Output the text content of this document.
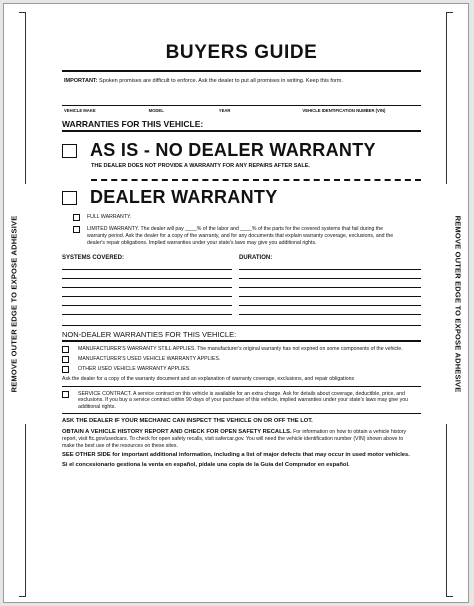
REMOVE OUTER EDGE TO EXPOSE ADHESIVE	REMOVE OUTER EDGE TO EXPOSE ADHESIVE
BUYERS GUIDE
IMPORTANT: Spoken promises are difficult to enforce. Ask the dealer to put all promises in writing. Keep this form.
VEHICLE MAKE	MODEL	YEAR	VEHICLE IDENTIFICATION NUMBER (VIN)
WARRANTIES FOR THIS VEHICLE:
AS IS - NO DEALER WARRANTY
THE DEALER DOES NOT PROVIDE A WARRANTY FOR ANY REPAIRS AFTER SALE.
DEALER WARRANTY
FULL WARRANTY.
LIMITED WARRANTY. The dealer will pay ____% of the labor and ____% of the parts for the covered systems that fail during the warranty period. Ask the dealer for a copy of the warranty, and for any documents that explain warranty coverage, exclusions, and the dealer's repair obligations. Implied warranties under your state's laws may give you additional rights.
SYSTEMS COVERED:	DURATION:
NON-DEALER WARRANTIES FOR THIS VEHICLE:
MANUFACTURER'S WARRANTY STILL APPLIES. The manufacturer's original warranty has not expired on some components of the vehicle.
MANUFACTURER'S USED VEHICLE WARRANTY APPLIES.
OTHER USED VEHICLE WARRANTY APPLIES.
Ask the dealer for a copy of the warranty document and an explanation of warranty coverage, exclusions, and repair obligations
SERVICE CONTRACT. A service contract on this vehicle is available for an extra charge. Ask for details about coverage, deductible, price, and exclusions. If you buy a service contract within 90 days of your purchase of this vehicle, implied warranties under your state's laws may give you additional rights.
ASK THE DEALER IF YOUR MECHANIC CAN INSPECT THE VEHICLE ON OR OFF THE LOT.
OBTAIN A VEHICLE HISTORY REPORT AND CHECK FOR OPEN SAFETY RECALLS. For information on how to obtain a vehicle history report, visit ftc.gov/usedcars. To check for open safety recalls, visit safercar.gov. You will need the vehicle identification number (VIN) shown above to make the best use of the resources on these sites.
SEE OTHER SIDE for important additional information, including a list of major defects that may occur in used motor vehicles.
Si el concesionario gestiona la venta en español, pídale una copia de la Guía del Comprador en español.
